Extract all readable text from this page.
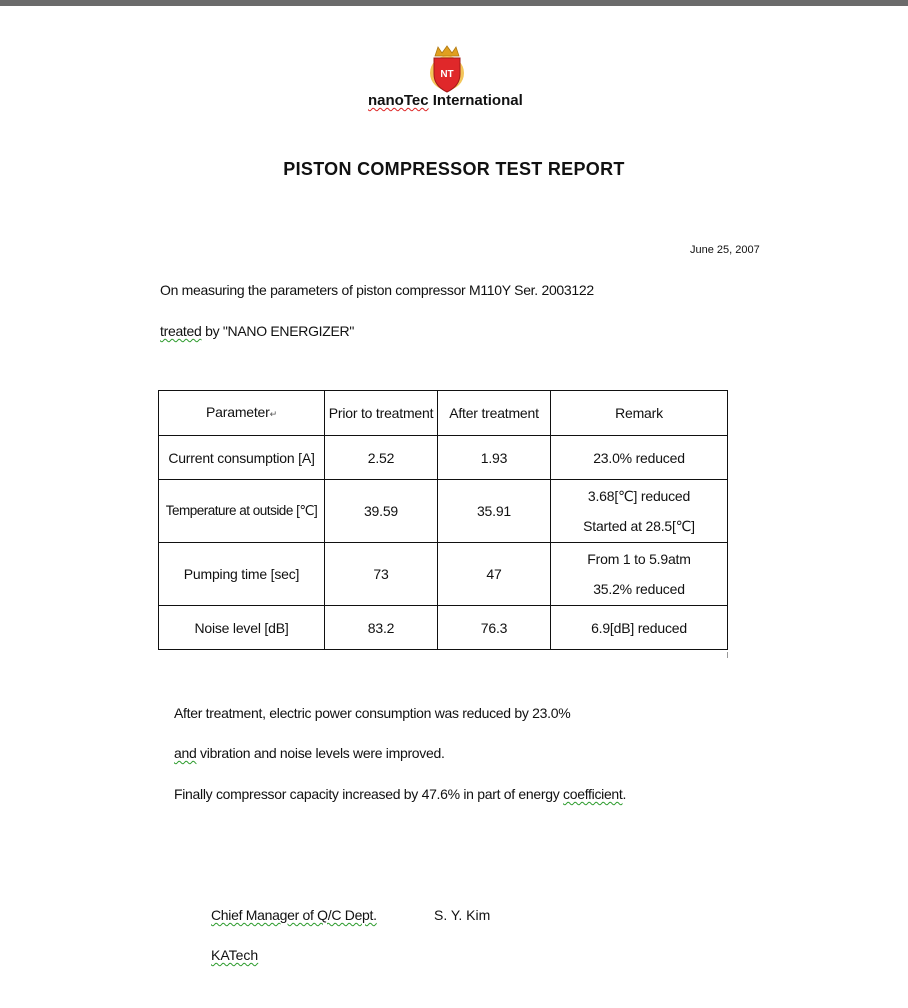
NT
nanoTec International
PISTON COMPRESSOR TEST REPORT
June 25, 2007
On measuring the parameters of piston compressor M110Y Ser. 2003122
treated by "NANO ENERGIZER"
Parameter↵	Prior to treatment	After treatment	Remark
Current consumption [A]	2.52	1.93	23.0% reduced
Temperature at outside [℃]	39.59	35.91	3.68[℃] reduced
Started at 28.5[℃]

Pumping time [sec]	73	47	From 1 to 5.9atm
35.2% reduced

Noise level [dB]	83.2	76.3	6.9[dB] reduced
After treatment, electric power consumption was reduced by 23.0%
and vibration and noise levels were improved.
Finally compressor capacity increased by 47.6% in part of energy coefficient.
Chief Manager of Q/C Dept.	S. Y. Kim
KATech
